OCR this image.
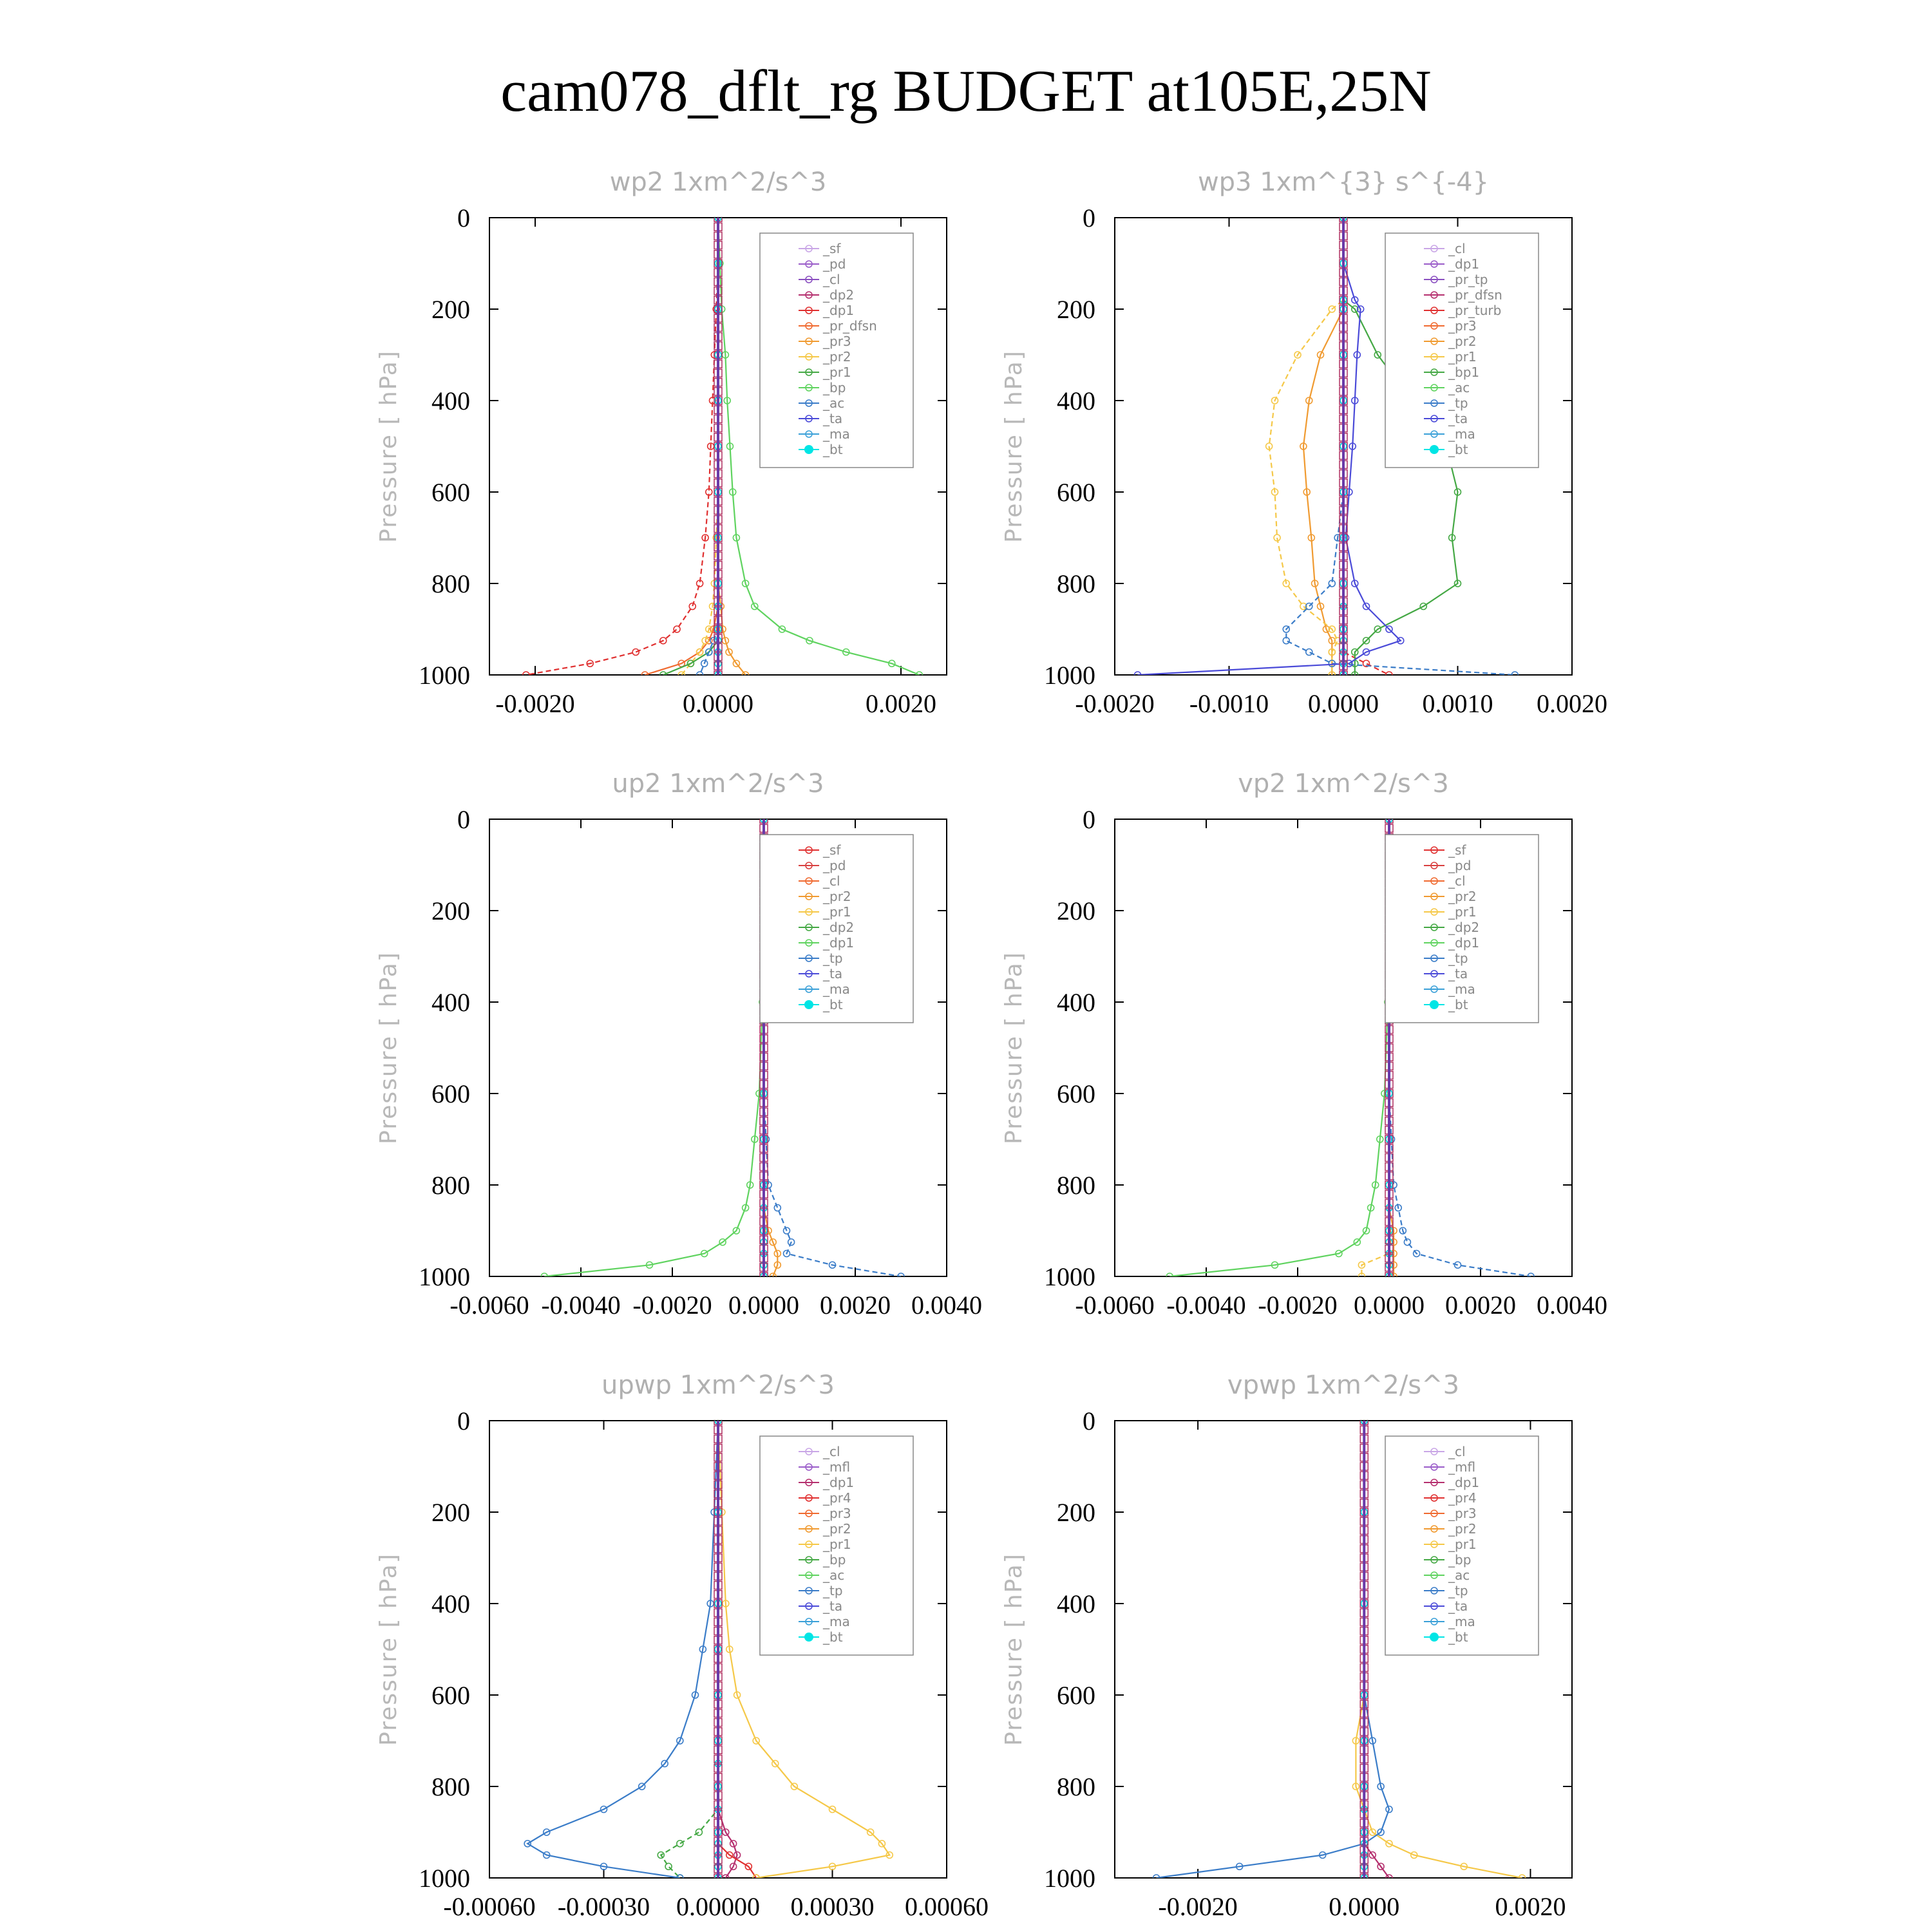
cam078_dflt_rg BUDGET at105E,25N
wp2 1xm^2/s^3
Pressure [ hPa]
0
200
400
600
800
1000
-0.0020	0.0000	0.0020
_sf
_pd
_cl
_dp2
_dp1
_pr_dfsn
_pr3
_pr2
_pr1
_bp
_ac
_ta
_ma
_bt
wp3 1xm^{3} s^{-4}
Pressure [ hPa]
0
200
400
600
800
1000
-0.0020 -0.0010 0.0000 0.0010 0.0020
_cl
_dp1
_pr_tp
_pr_dfsn
_pr_turb
_pr3
_pr2
_pr1
_bp1
_ac
_tp
_ta
_ma
_bt
up2 1xm^2/s^3
Pressure [ hPa]
0
200
400
600
800
1000
-0.0060 -0.0040 -0.0020 0.0000 0.0020 0.0040
_sf
_pd
_cl
_pr2
_pr1
_dp2
_dp1
_tp
_ta
_ma
_bt
vp2 1xm^2/s^3
Pressure [ hPa]
0
200
400
600
800
1000
-0.0060 -0.0040 -0.0020 0.0000 0.0020 0.0040
_sf
_pd
_cl
_pr2
_pr1
_dp2
_dp1
_tp
_ta
_ma
_bt
upwp 1xm^2/s^3
Pressure [ hPa]
0
200
400
600
800
1000
-0.00060 -0.00030 0.00000 0.00030 0.00060
_cl
_mfl
_dp1
_pr4
_pr3
_pr2
_pr1
_bp
_ac
_tp
_ta
_ma
_bt
vpwp 1xm^2/s^3
Pressure [ hPa]
0
200
400
600
800
1000
-0.0020	0.0000	0.0020
_cl
_mfl
_dp1
_pr4
_pr3
_pr2
_pr1
_bp
_ac
_tp
_ta
_ma
_bt
